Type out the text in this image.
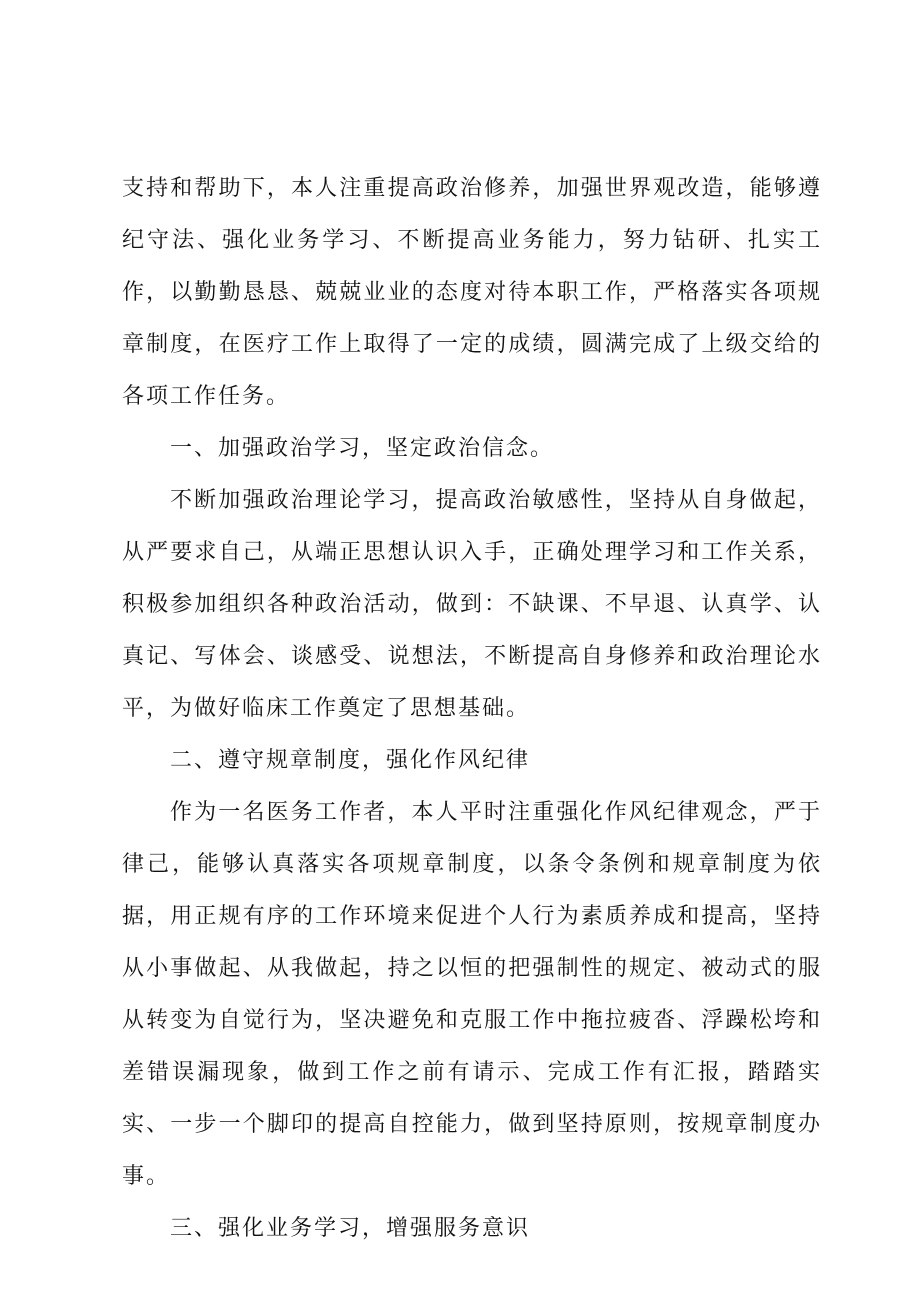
支持和帮助下，本人注重提高政治修养，加强世界观改造，能够遵纪守法、强化业务学习、不断提高业务能力，努力钻研、扎实工作，以勤勤恳恳、兢兢业业的态度对待本职工作，严格落实各项规章制度，在医疗工作上取得了一定的成绩，圆满完成了上级交给的各项工作任务。

一、加强政治学习，坚定政治信念。

不断加强政治理论学习，提高政治敏感性，坚持从自身做起，从严要求自己，从端正思想认识入手，正确处理学习和工作关系，积极参加组织各种政治活动，做到：不缺课、不早退、认真学、认真记、写体会、谈感受、说想法，不断提高自身修养和政治理论水平，为做好临床工作奠定了思想基础。

二、遵守规章制度，强化作风纪律

作为一名医务工作者，本人平时注重强化作风纪律观念，严于律己，能够认真落实各项规章制度，以条令条例和规章制度为依据，用正规有序的工作环境来促进个人行为素质养成和提高，坚持从小事做起、从我做起，持之以恒的把强制性的规定、被动式的服从转变为自觉行为，坚决避免和克服工作中拖拉疲沓、浮躁松垮和差错误漏现象，做到工作之前有请示、完成工作有汇报，踏踏实实、一步一个脚印的提高自控能力，做到坚持原则，按规章制度办事。

三、强化业务学习，增强服务意识
